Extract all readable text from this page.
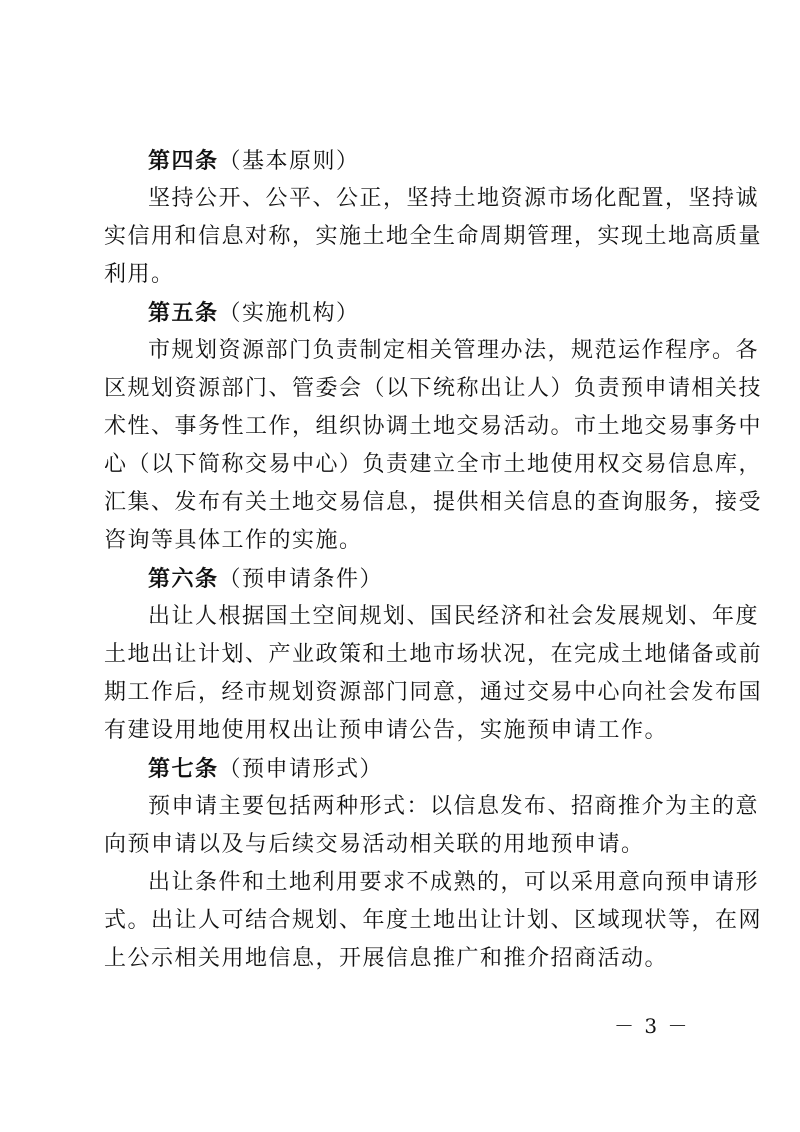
第四条（基本原则）
坚持公开、公平、公正，坚持土地资源市场化配置，坚持诚
实信用和信息对称，实施土地全生命周期管理，实现土地高质量
利用。
第五条（实施机构）
市规划资源部门负责制定相关管理办法，规范运作程序。各
区规划资源部门、管委会（以下统称出让人）负责预申请相关技
术性、事务性工作，组织协调土地交易活动。市土地交易事务中
心（以下简称交易中心）负责建立全市土地使用权交易信息库，
汇集、发布有关土地交易信息，提供相关信息的查询服务，接受
咨询等具体工作的实施。
第六条（预申请条件）
出让人根据国土空间规划、国民经济和社会发展规划、年度
土地出让计划、产业政策和土地市场状况，在完成土地储备或前
期工作后，经市规划资源部门同意，通过交易中心向社会发布国
有建设用地使用权出让预申请公告，实施预申请工作。
第七条（预申请形式）
预申请主要包括两种形式：以信息发布、招商推介为主的意
向预申请以及与后续交易活动相关联的用地预申请。
出让条件和土地利用要求不成熟的，可以采用意向预申请形
式。出让人可结合规划、年度土地出让计划、区域现状等，在网
上公示相关用地信息，开展信息推广和推介招商活动。
－ 3 －
